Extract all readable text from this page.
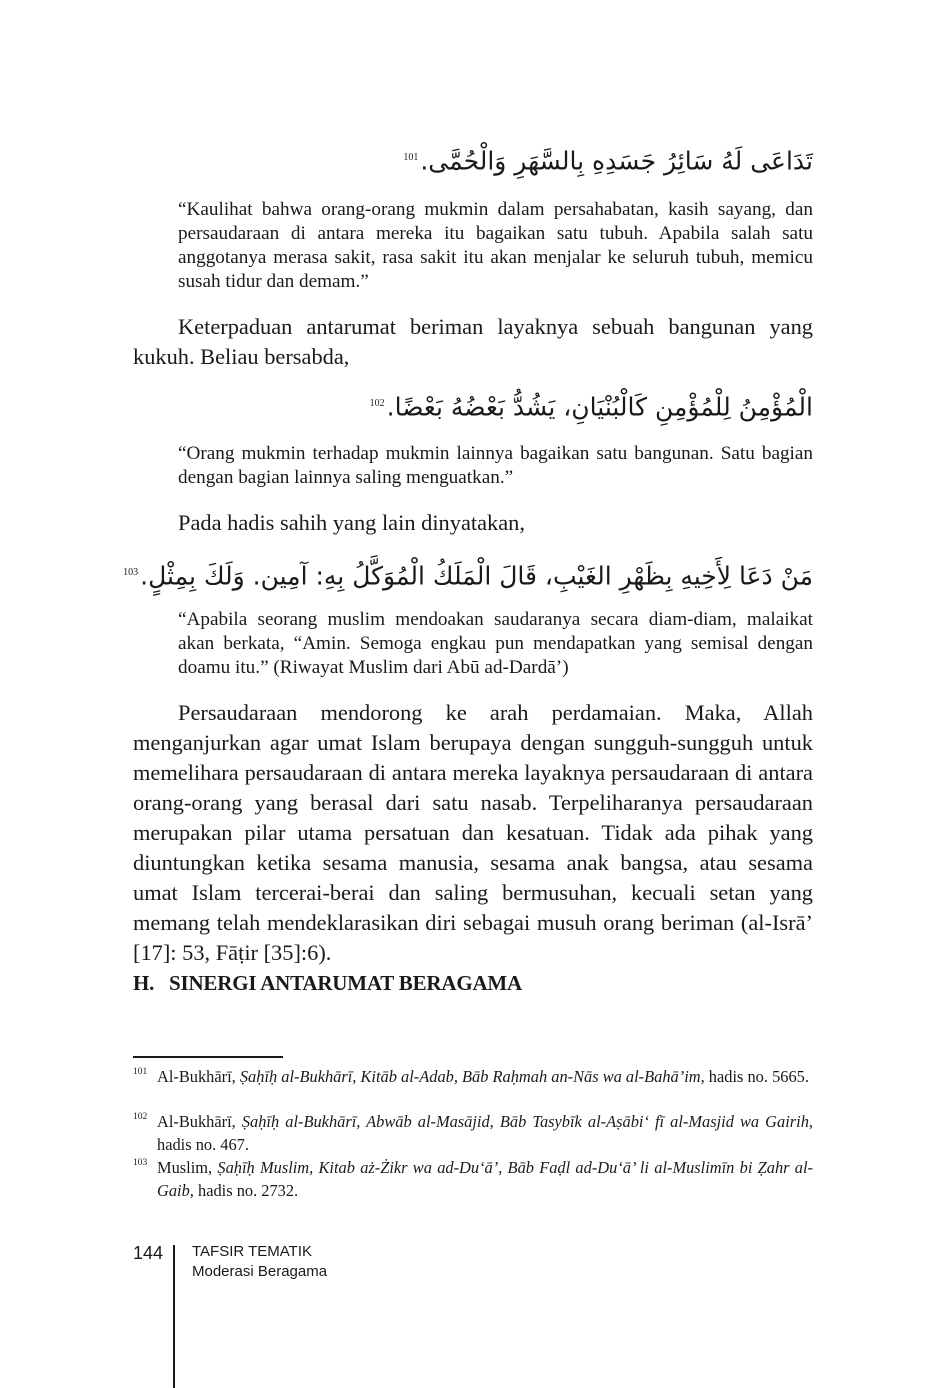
تَدَاعَى لَهُ سَائِرُ جَسَدِهِ بِالسَّهَرِ وَالْحُمَّى.$^{101}$
“Kaulihat bahwa orang-orang mukmin dalam persahabatan, kasih sayang, dan persaudaraan di antara mereka itu bagaikan satu tubuh. Apabila salah satu anggotanya merasa sakit, rasa sakit itu akan menjalar ke seluruh tubuh, memicu susah tidur dan demam.”
Keterpaduan antarumat beriman layaknya sebuah bangunan yang kukuh. Beliau bersabda,
الْمُؤْمِنُ لِلْمُؤْمِنِ كَالْبُنْيَانِ، يَشُدُّ بَعْضُهُ بَعْضًا.$^{102}$
“Orang mukmin terhadap mukmin lainnya bagaikan satu bangunan. Satu bagian dengan bagian lainnya saling menguatkan.”
Pada hadis sahih yang lain dinyatakan,
مَنْ دَعَا لِأَخِيهِ بِظَهْرِ الغَيْبِ، قَالَ الْمَلَكُ الْمُوَكَّلُ بِهِ: آمِين. وَلَكَ بِمِثْلٍ.$^{103}$
“Apabila seorang muslim mendoakan saudaranya secara diam-diam, malaikat akan berkata, “Amin. Semoga engkau pun mendapatkan yang semisal dengan doamu itu.” (Riwayat Muslim dari Abū ad-Dardā’)
Persaudaraan mendorong ke arah perdamaian. Maka, Allah menganjurkan agar umat Islam berupaya dengan sungguh-sungguh untuk memelihara persaudaraan di antara mereka layaknya persaudaraan di antara orang-orang yang berasal dari satu nasab. Terpeliharanya persaudaraan merupakan pilar utama persatuan dan kesatuan. Tidak ada pihak yang diuntungkan ketika sesama manusia, sesama anak bangsa, atau sesama umat Islam tercerai-berai dan saling bermusuhan, kecuali setan yang memang telah mendeklarasikan diri sebagai musuh orang beriman (al-Isrā’ [17]: 53, Fāṭir [35]:6).
H. SINERGI ANTARUMAT BERAGAMA
101 Al-Bukhārī, Ṣaḥīḥ al-Bukhārī, Kitāb al-Adab, Bāb Raḥmah an-Nās wa al-Bahā’im, hadis no. 5665.
102 Al-Bukhārī, Ṣaḥīḥ al-Bukhārī, Abwāb al-Masājid, Bāb Tasybīk al-Aṣābi‘ fī al-Masjid wa Gairih, hadis no. 467.
103 Muslim, Ṣaḥīḥ Muslim, Kitab aż-Żikr wa ad-Du‘ā’, Bāb Faḍl ad-Du‘ā’ li al-Muslimīn bi Ẓahr al-Gaib, hadis no. 2732.
144 TAFSIR TEMATIK
Moderasi Beragama
